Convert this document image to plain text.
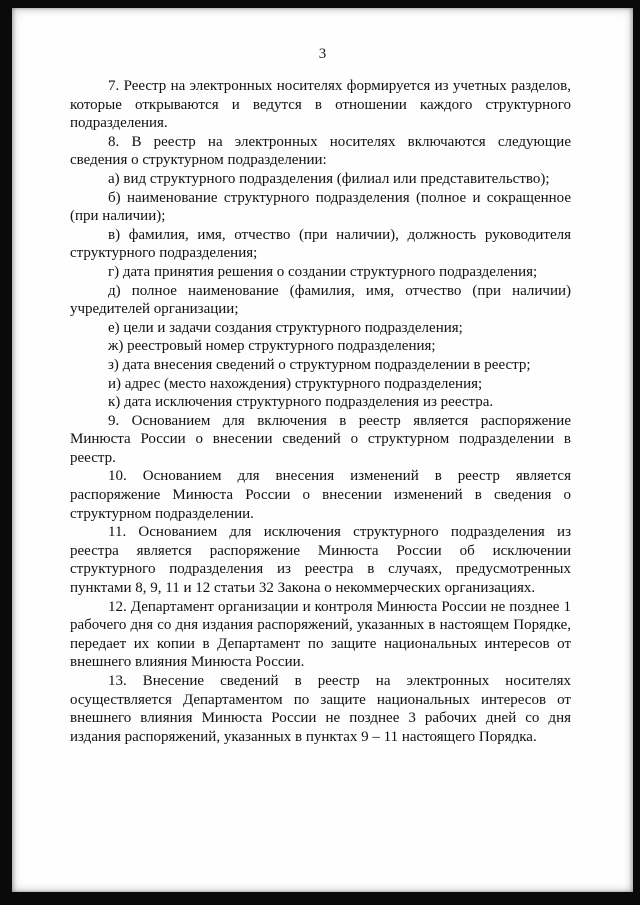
3

7. Реестр на электронных носителях формируется из учетных разделов, которые открываются и ведутся в отношении каждого структурного подразделения.

8. В реестр на электронных носителях включаются следующие сведения о структурном подразделении:

а) вид структурного подразделения (филиал или представительство);

б) наименование структурного подразделения (полное и сокращенное (при наличии);

в) фамилия, имя, отчество (при наличии), должность руководителя структурного подразделения;

г) дата принятия решения о создании структурного подразделения;

д) полное наименование (фамилия, имя, отчество (при наличии) учредителей организации;

е) цели и задачи создания структурного подразделения;

ж) реестровый номер структурного подразделения;

з) дата внесения сведений о структурном подразделении в реестр;

и) адрес (место нахождения) структурного подразделения;

к) дата исключения структурного подразделения из реестра.

9. Основанием для включения в реестр является распоряжение Минюста России о внесении сведений о структурном подразделении в реестр.

10. Основанием для внесения изменений в реестр является распоряжение Минюста России о внесении изменений в сведения о структурном подразделении.

11. Основанием для исключения структурного подразделения из реестра является распоряжение Минюста России об исключении структурного подразделения из реестра в случаях, предусмотренных пунктами 8, 9, 11 и 12 статьи 32 Закона о некоммерческих организациях.

12. Департамент организации и контроля Минюста России не позднее 1 рабочего дня со дня издания распоряжений, указанных в настоящем Порядке, передает их копии в Департамент по защите национальных интересов от внешнего влияния Минюста России.

13. Внесение сведений в реестр на электронных носителях осуществляется Департаментом по защите национальных интересов от внешнего влияния Минюста России не позднее 3 рабочих дней со дня издания распоряжений, указанных в пунктах 9 – 11 настоящего Порядка.
